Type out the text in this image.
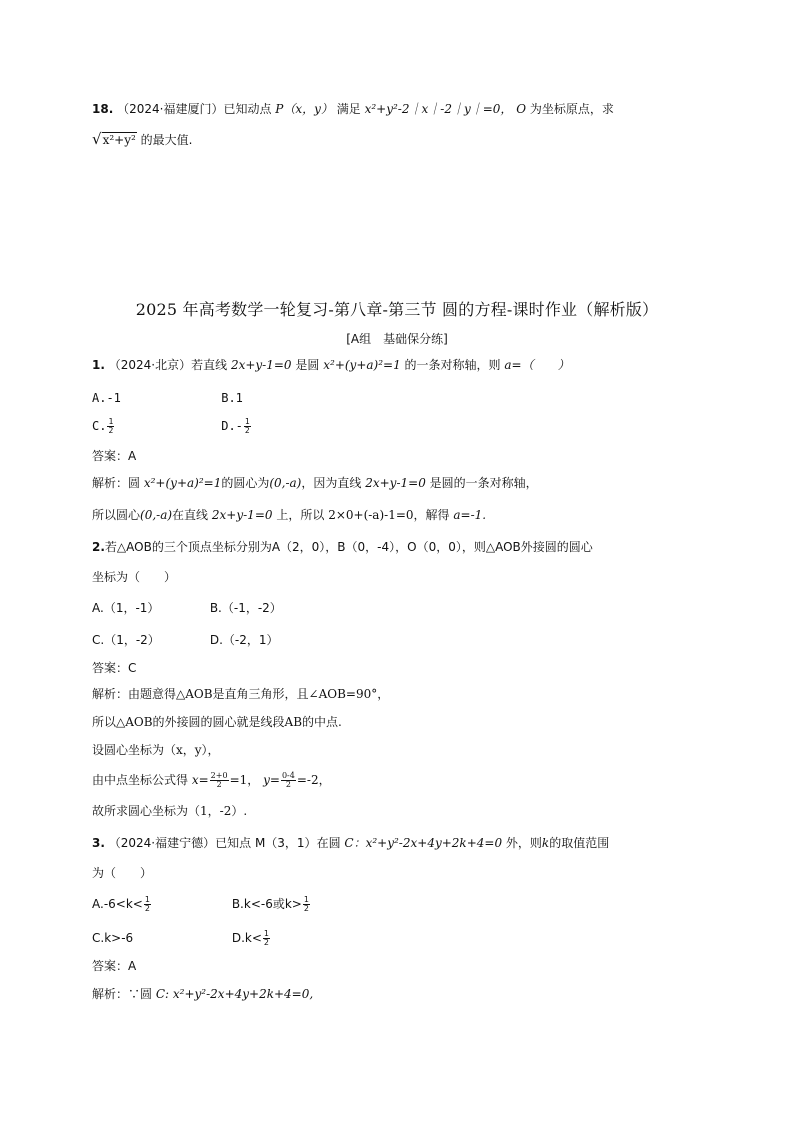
18. （2024·福建厦门）已知动点 P（x，y） 满足 x²+y²-2｜x｜-2｜y｜=0， O 为坐标原点，求
√ x²+y² 的最大值.
2025 年高考数学一轮复习-第八章-第三节 圆的方程-课时作业（解析版）
[A组　基础保分练]
1. （2024·北京）若直线 2x+y-1=0 是圆 x²+(y+a)²=1 的一条对称轴，则 a=（　　）
A.-1	B.1
C. $\frac{1}{2}$	$D.- \frac{1}{2}$
答案：A
解析：圆 x²+(y+a)²=1的圆心为(0,-a)，因为直线 2x+y-1=0 是圆的一条对称轴，
所以圆心(0,-a)在直线 2x+y-1=0 上，所以 2×0+(-a)-1=0，解得 a=-1.
2.若△AOB的三个顶点坐标分别为A（2，0），B（0，-4），O（0，0），则△AOB外接圆的圆心
坐标为（　　）
A.（1，-1）	B.（-1，-2）
C.（1，-2）	D.（-2，1）
答案：C
解析：由题意得△AOB是直角三角形，且∠AOB=90°，
所以△AOB的外接圆的圆心就是线段AB的中点.
设圆心坐标为（x，y），
由中点坐标公式得 $x= \frac{2+0}{2} =1$， $y= \frac{0-4}{2} =-2$，
故所求圆心坐标为（1，-2）.
3. （2024·福建宁德）已知点 M（3，1）在圆 C：x²+y²-2x+4y+2k+4=0 外，则k的取值范围
为（　　）
$A.-6<k< \frac{1}{2}$	B.k<-6或$k> \frac{1}{2}$
C.k>-6	$D.k< \frac{1}{2}$
答案：A
解析：∵圆 C: x²+y²-2x+4y+2k+4=0,
